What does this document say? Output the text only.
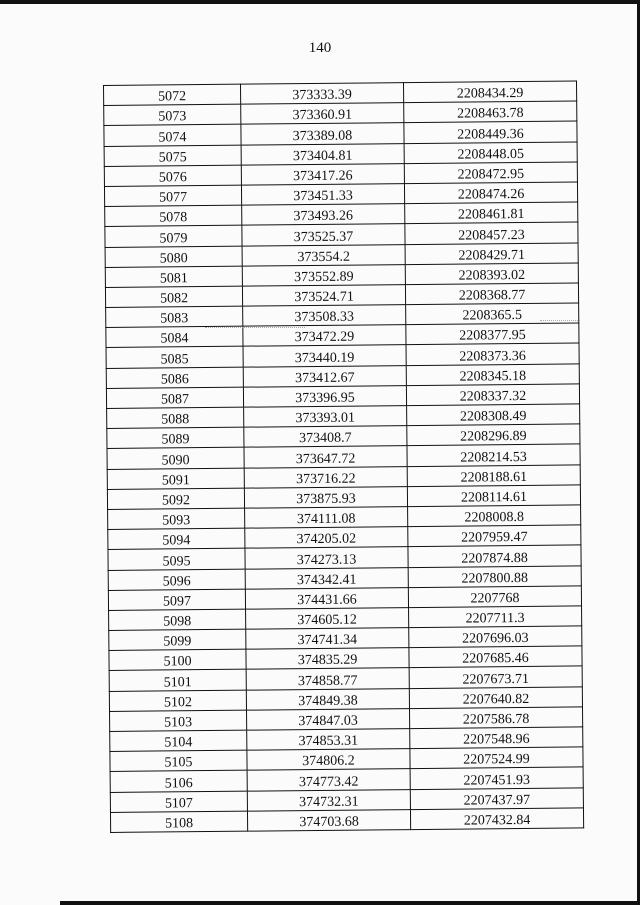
140
5072	373333.39	2208434.29
5073	373360.91	2208463.78
5074	373389.08	2208449.36
5075	373404.81	2208448.05
5076	373417.26	2208472.95
5077	373451.33	2208474.26
5078	373493.26	2208461.81
5079	373525.37	2208457.23
5080	373554.2	2208429.71
5081	373552.89	2208393.02
5082	373524.71	2208368.77
5083	373508.33	2208365.5
5084	373472.29	2208377.95
5085	373440.19	2208373.36
5086	373412.67	2208345.18
5087	373396.95	2208337.32
5088	373393.01	2208308.49
5089	373408.7	2208296.89
5090	373647.72	2208214.53
5091	373716.22	2208188.61
5092	373875.93	2208114.61
5093	374111.08	2208008.8
5094	374205.02	2207959.47
5095	374273.13	2207874.88
5096	374342.41	2207800.88
5097	374431.66	2207768
5098	374605.12	2207711.3
5099	374741.34	2207696.03
5100	374835.29	2207685.46
5101	374858.77	2207673.71
5102	374849.38	2207640.82
5103	374847.03	2207586.78
5104	374853.31	2207548.96
5105	374806.2	2207524.99
5106	374773.42	2207451.93
5107	374732.31	2207437.97
5108	374703.68	2207432.84
